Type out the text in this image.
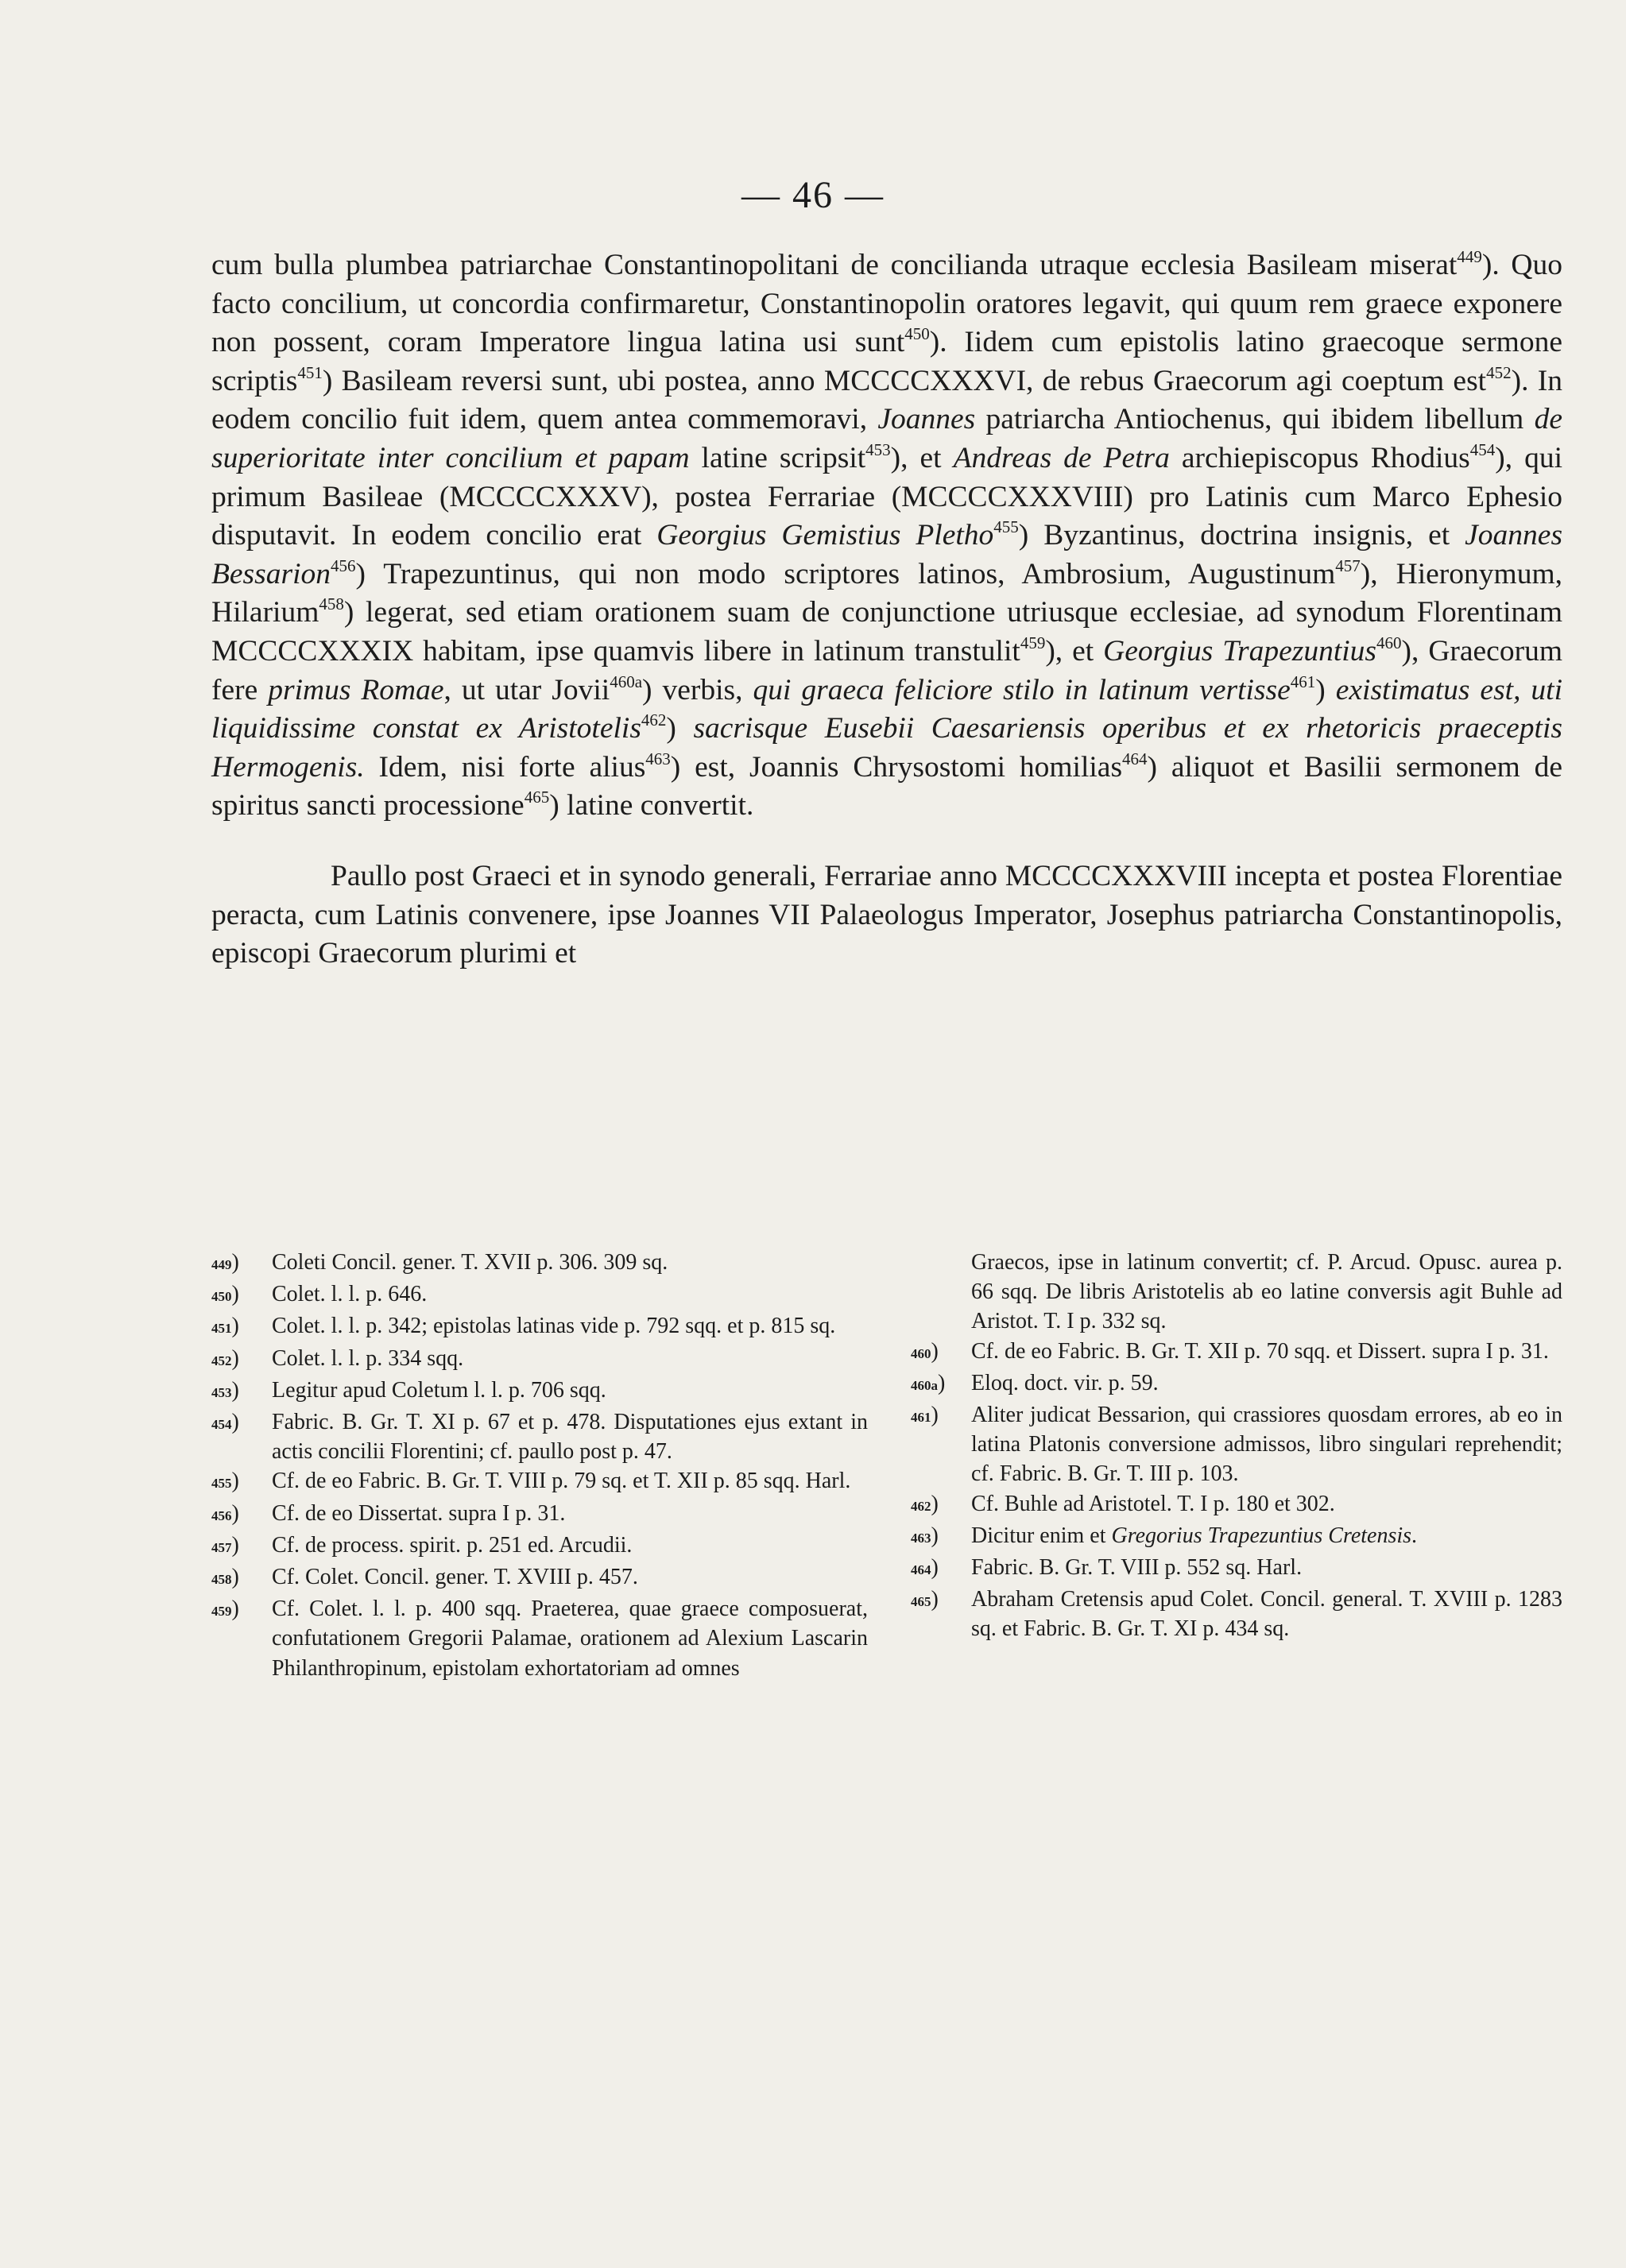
— 46 —

cum bulla plumbea patriarchae Constantinopolitani de concilianda utraque ecclesia Basileam miserat$^{449}$). Quo facto concilium, ut concordia confirmaretur, Constantinopolin oratores legavit, qui quum rem graece exponere non possent, coram Imperatore lingua latina usi sunt$^{450}$). Iidem cum epistolis latino graecoque sermone scriptis$^{451}$) Basileam reversi sunt, ubi postea, anno MCCCCXXXVI, de rebus Graecorum agi coeptum est$^{452}$). In eodem concilio fuit idem, quem antea commemoravi, Joannes patriarcha Antiochenus, qui ibidem libellum de superioritate inter concilium et papam latine scripsit$^{453}$), et Andreas de Petra archiepiscopus Rhodius$^{454}$), qui primum Basileae (MCCCCXXXV), postea Ferrariae (MCCCCXXXVIII) pro Latinis cum Marco Ephesio disputavit. In eodem concilio erat Georgius Gemistius Pletho$^{455}$) Byzantinus, doctrina insignis, et Joannes Bessarion$^{456}$) Trapezuntinus, qui non modo scriptores latinos, Ambrosium, Augustinum$^{457}$), Hieronymum, Hilarium$^{458}$) legerat, sed etiam orationem suam de conjunctione utriusque ecclesiae, ad synodum Florentinam MCCCCXXXIX habitam, ipse quamvis libere in latinum transtulit$^{459}$), et Georgius Trapezuntius$^{460}$), Graecorum fere primus Romae, ut utar Jovii$^{460a}$) verbis, qui graeca feliciore stilo in latinum vertisse$^{461}$) existimatus est, uti liquidissime constat ex Aristotelis$^{462}$) sacrisque Eusebii Caesariensis operibus et ex rhetoricis praeceptis Hermogenis. Idem, nisi forte alius$^{463}$) est, Joannis Chrysostomi homilias$^{464}$) aliquot et Basilii sermonem de spiritus sancti processione$^{465}$) latine convertit.

Paullo post Graeci et in synodo generali, Ferrariae anno MCCCCXXXVIII incepta et postea Florentiae peracta, cum Latinis convenere, ipse Joannes VII Palaeologus Imperator, Josephus patriarcha Constantinopolis, episcopi Graecorum plurimi et

449)	Coleti Concil. gener. T. XVII p. 306. 309 sq.
450)	Colet. l. l. p. 646.
451)	Colet. l. l. p. 342; epistolas latinas vide p. 792 sqq. et p. 815 sq.
452)	Colet. l. l. p. 334 sqq.
453)	Legitur apud Coletum l. l. p. 706 sqq.
454)	Fabric. B. Gr. T. XI p. 67 et p. 478. Disputationes ejus extant in actis concilii Florentini; cf. paullo post p. 47.
455)	Cf. de eo Fabric. B. Gr. T. VIII p. 79 sq. et T. XII p. 85 sqq. Harl.
456)	Cf. de eo Dissertat. supra I p. 31.
457)	Cf. de process. spirit. p. 251 ed. Arcudii.
458)	Cf. Colet. Concil. gener. T. XVIII p. 457.
459)	Cf. Colet. l. l. p. 400 sqq. Praeterea, quae graece composuerat, confutationem Gregorii Palamae, orationem ad Alexium Lascarin Philanthropinum, epistolam exhortatoriam ad omnes
Graecos, ipse in latinum convertit; cf. P. Arcud. Opusc. aurea p. 66 sqq. De libris Aristotelis ab eo latine conversis agit Buhle ad Aristot. T. I p. 332 sq.
460)	Cf. de eo Fabric. B. Gr. T. XII p. 70 sqq. et Dissert. supra I p. 31.
460a)	Eloq. doct. vir. p. 59.
461)	Aliter judicat Bessarion, qui crassiores quosdam errores, ab eo in latina Platonis conversione admissos, libro singulari reprehendit; cf. Fabric. B. Gr. T. III p. 103.
462)	Cf. Buhle ad Aristotel. T. I p. 180 et 302.
463)	Dicitur enim et Gregorius Trapezuntius Cretensis.
464)	Fabric. B. Gr. T. VIII p. 552 sq. Harl.
465)	Abraham Cretensis apud Colet. Concil. general. T. XVIII p. 1283 sq. et Fabric. B. Gr. T. XI p. 434 sq.
